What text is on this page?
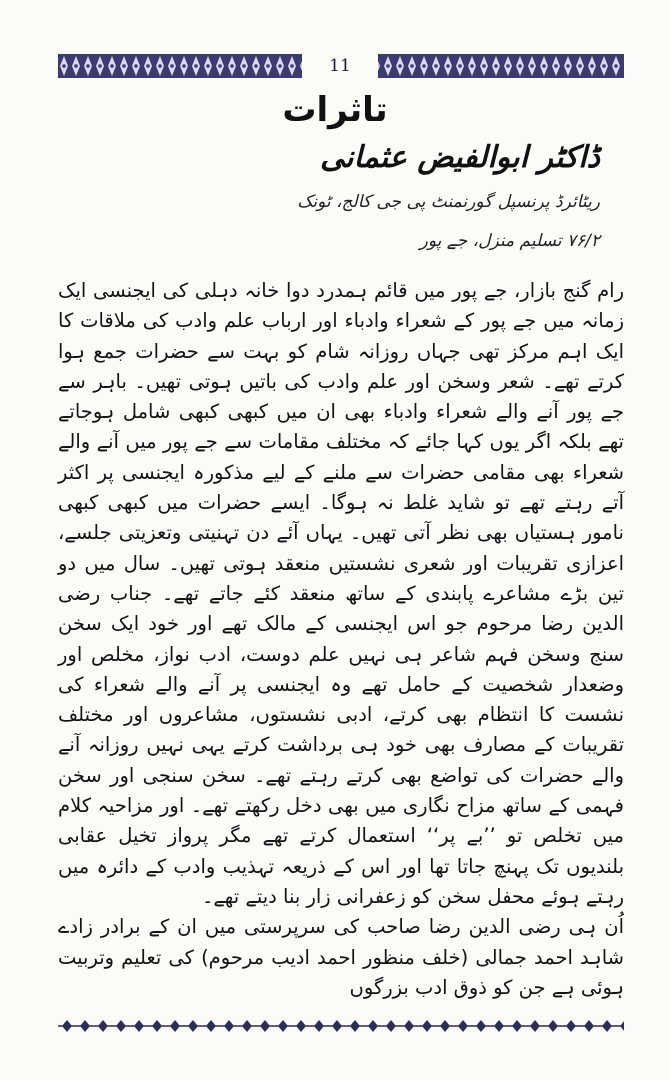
11
تاثرات
ڈاکٹر ابوالفیض عثمانی
ریٹائرڈ پرنسپل گورنمنٹ پی جی کالج، ٹونک
۷۶/۲ تسلیم منزل، جے پور

رام گنج بازار، جے پور میں قائم ہمدرد دوا خانہ دہلی کی ایجنسی ایک زمانہ میں جے پور کے شعراء وادباء اور ارباب علم وادب کی ملاقات کا ایک اہم مرکز تھی جہاں روزانہ شام کو بہت سے حضرات جمع ہوا کرتے تھے۔ شعر وسخن اور علم وادب کی باتیں ہوتی تھیں۔ باہر سے جے پور آنے والے شعراء وادباء بھی ان میں کبھی کبھی شامل ہوجاتے تھے بلکہ اگر یوں کہا جائے کہ مختلف مقامات سے جے پور میں آنے والے شعراء بھی مقامی حضرات سے ملنے کے لیے مذکورہ ایجنسی پر اکثر آتے رہتے تھے تو شاید غلط نہ ہوگا۔ ایسے حضرات میں کبھی کبھی نامور ہستیاں بھی نظر آتی تھیں۔ یہاں آئے دن تہنیتی وتعزیتی جلسے، اعزازی تقریبات اور شعری نشستیں منعقد ہوتی تھیں۔ سال میں دو تین بڑے مشاعرے پابندی کے ساتھ منعقد کئے جاتے تھے۔ جناب رضی الدین رضا مرحوم جو اس ایجنسی کے مالک تھے اور خود ایک سخن سنج وسخن فہم شاعر ہی نہیں علم دوست، ادب نواز، مخلص اور وضعدار شخصیت کے حامل تھے وہ ایجنسی پر آنے والے شعراء کی نشست کا انتظام بھی کرتے، ادبی نشستوں، مشاعروں اور مختلف تقریبات کے مصارف بھی خود ہی برداشت کرتے یہی نہیں روزانہ آنے والے حضرات کی تواضع بھی کرتے رہتے تھے۔ سخن سنجی اور سخن فہمی کے ساتھ مزاح نگاری میں بھی دخل رکھتے تھے۔ اور مزاحیہ کلام میں تخلص تو ’’بے پر‘‘ استعمال کرتے تھے مگر پرواز تخیل عقابی بلندیوں تک پہنچ جاتا تھا اور اس کے ذریعہ تہذیب وادب کے دائرہ میں رہتے ہوئے محفل سخن کو زعفرانی زار بنا دیتے تھے۔

اُن ہی رضی الدین رضا صاحب کی سرپرستی میں ان کے برادر زادے شاہد احمد جمالی (خلف منظور احمد ادیب مرحوم) کی تعلیم وتربیت ہوئی ہے جن کو ذوق ادب بزرگوں
